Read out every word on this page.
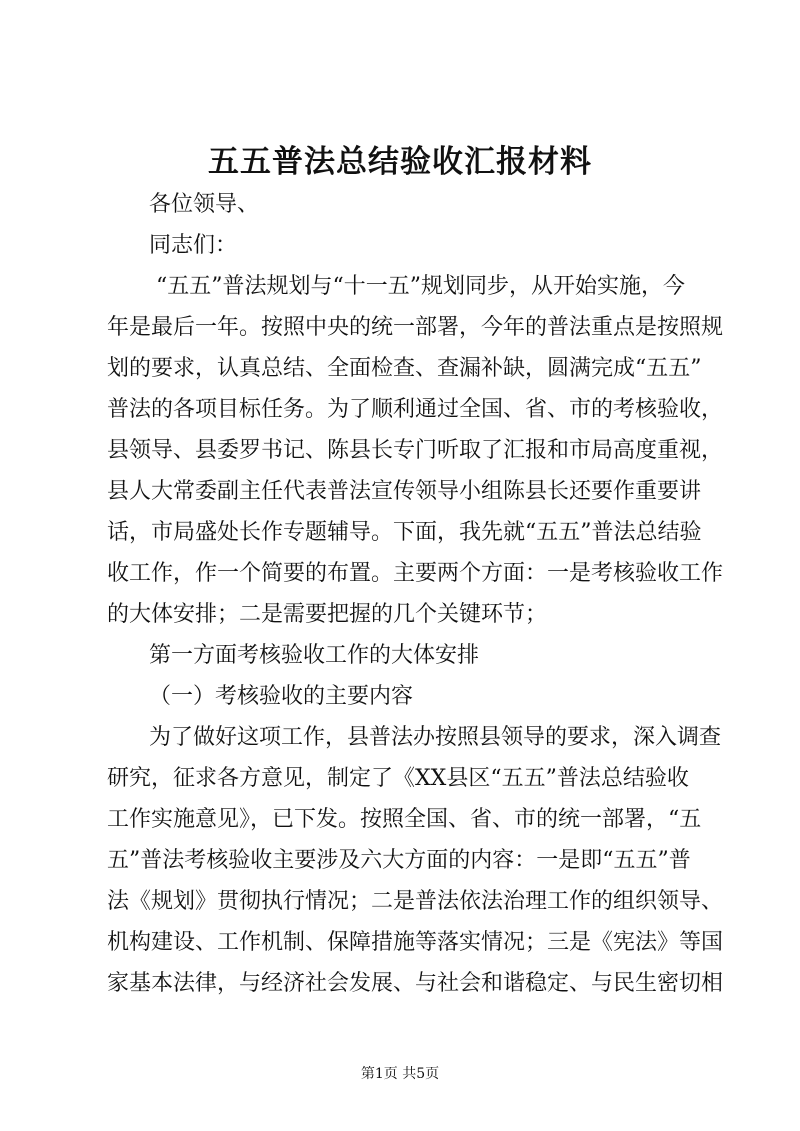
五五普法总结验收汇报材料

各位领导、

同志们：

“五五”普法规划与“十一五”规划同步，从开始实施，今

年是最后一年。按照中央的统一部署，今年的普法重点是按照规

划的要求，认真总结、全面检查、查漏补缺，圆满完成“五五”

普法的各项目标任务。为了顺利通过全国、省、市的考核验收，

县领导、县委罗书记、陈县长专门听取了汇报和市局高度重视，

县人大常委副主任代表普法宣传领导小组陈县长还要作重要讲

话，市局盛处长作专题辅导。下面，我先就“五五”普法总结验

收工作，作一个简要的布置。主要两个方面：一是考核验收工作

的大体安排；二是需要把握的几个关键环节；

第一方面考核验收工作的大体安排

（一）考核验收的主要内容

为了做好这项工作，县普法办按照县领导的要求，深入调查

研究，征求各方意见，制定了《XX县区“五五”普法总结验收

工作实施意见》，已下发。按照全国、省、市的统一部署，“五

五”普法考核验收主要涉及六大方面的内容：一是即“五五”普

法《规划》贯彻执行情况；二是普法依法治理工作的组织领导、

机构建设、工作机制、保障措施等落实情况；三是《宪法》等国

家基本法律，与经济社会发展、与社会和谐稳定、与民生密切相

第1页 共5页
